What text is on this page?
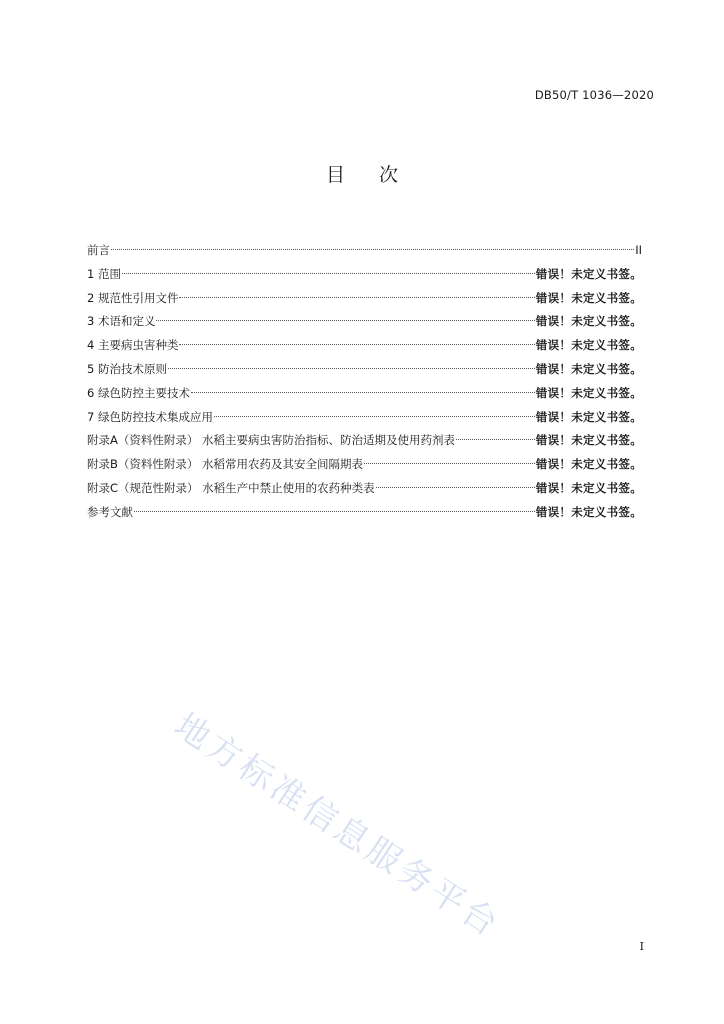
DB50/T 1036—2020
目 次
前言	II
1 范围	错误！未定义书签。
2 规范性引用文件	错误！未定义书签。
3 术语和定义	错误！未定义书签。
4 主要病虫害种类	错误！未定义书签。
5 防治技术原则	错误！未定义书签。
6 绿色防控主要技术	错误！未定义书签。
7 绿色防控技术集成应用	错误！未定义书签。
附录A（资料性附录） 水稻主要病虫害防治指标、防治适期及使用药剂表	错误！未定义书签。
附录B（资料性附录） 水稻常用农药及其安全间隔期表	错误！未定义书签。
附录C（规范性附录） 水稻生产中禁止使用的农药种类表	错误！未定义书签。
参考文献	错误！未定义书签。
地方标准信息服务平台
I
